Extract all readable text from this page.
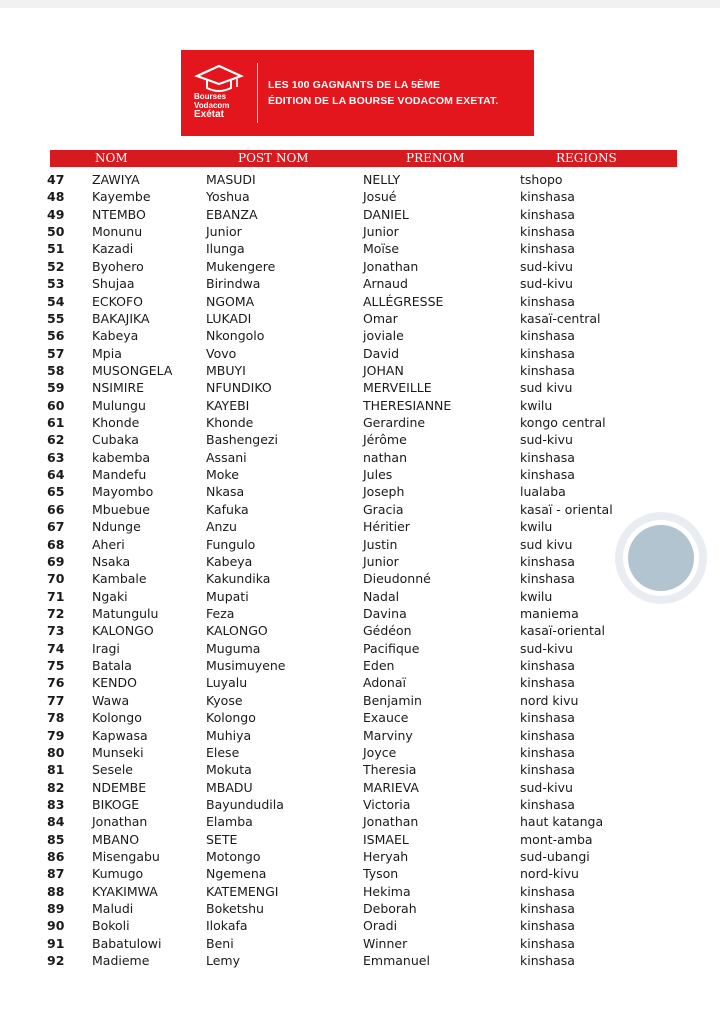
Bourses
Vodacom
Exétat
LES 100 GAGNANTS DE LA 5ÈME
ÉDITION DE LA BOURSE VODACOM EXETAT.
NOM	POST NOM	PRENOM	REGIONS
47 ZAWIYA	MASUDI	NELLY	tshopo
48 Kayembe	Yoshua	Josué	kinshasa
49 NTEMBO	EBANZA	DANIEL	kinshasa
50 Monunu	Junior	Junior	kinshasa
51 Kazadi	Ilunga	Moïse	kinshasa
52 Byohero	Mukengere	Jonathan	sud-kivu
53 Shujaa	Birindwa	Arnaud	sud-kivu
54 ECKOFO	NGOMA	ALLÉGRESSE	kinshasa
55 BAKAJIKA	LUKADI	Omar	kasaï-central
56 Kabeya	Nkongolo	joviale	kinshasa
57 Mpia	Vovo	David	kinshasa
58 MUSONGELA	MBUYI	JOHAN	kinshasa
59 NSIMIRE	NFUNDIKO	MERVEILLE	sud kivu
60 Mulungu	KAYEBI	THERESIANNE	kwilu
61 Khonde	Khonde	Gerardine	kongo central
62 Cubaka	Bashengezi	Jérôme	sud-kivu
63 kabemba	Assani	nathan	kinshasa
64 Mandefu	Moke	Jules	kinshasa
65 Mayombo	Nkasa	Joseph	lualaba
66 Mbuebue	Kafuka	Gracia	kasaï - oriental
67 Ndunge	Anzu	Héritier	kwilu
68 Aheri	Fungulo	Justin	sud kivu
69 Nsaka	Kabeya	Junior	kinshasa
70 Kambale	Kakundika	Dieudonné	kinshasa
71 Ngaki	Mupati	Nadal	kwilu
72 Matungulu	Feza	Davina	maniema
73 KALONGO	KALONGO	Gédéon	kasaï-oriental
74 Iragi	Muguma	Pacifique	sud-kivu
75 Batala	Musimuyene	Eden	kinshasa
76 KENDO	Luyalu	Adonaï	kinshasa
77 Wawa	Kyose	Benjamin	nord kivu
78 Kolongo	Kolongo	Exauce	kinshasa
79 Kapwasa	Muhiya	Marviny	kinshasa
80 Munseki	Elese	Joyce	kinshasa
81 Sesele	Mokuta	Theresia	kinshasa
82 NDEMBE	MBADU	MARIEVA	sud-kivu
83 BIKOGE	Bayundudila	Victoria	kinshasa
84 Jonathan	Elamba	Jonathan	haut katanga
85 MBANO	SETE	ISMAEL	mont-amba
86 Misengabu	Motongo	Heryah	sud-ubangi
87 Kumugo	Ngemena	Tyson	nord-kivu
88 KYAKIMWA	KATEMENGI	Hekima	kinshasa
89 Maludi	Boketshu	Deborah	kinshasa
90 Bokoli	Ilokafa	Oradi	kinshasa
91 Babatulowi	Beni	Winner	kinshasa
92 Madieme	Lemy	Emmanuel	kinshasa
